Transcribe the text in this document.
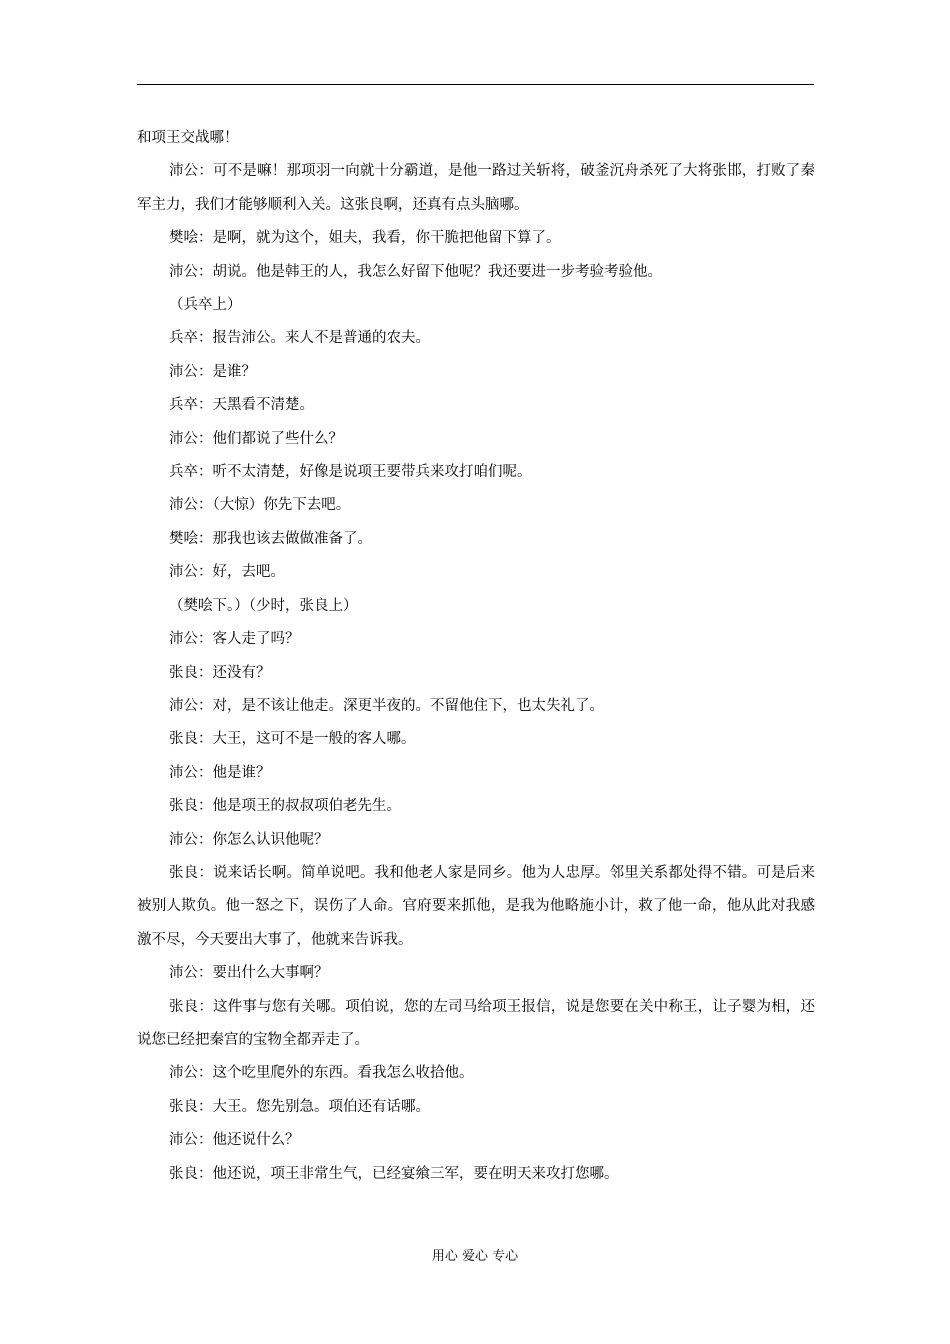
和项王交战哪！

沛公：可不是嘛！那项羽一向就十分霸道，是他一路过关斩将，破釜沉舟杀死了大将张邯，打败了秦军主力，我们才能够顺利入关。这张良啊，还真有点头脑哪。

樊哙：是啊，就为这个，姐夫，我看，你干脆把他留下算了。

沛公：胡说。他是韩王的人，我怎么好留下他呢？我还要进一步考验考验他。

（兵卒上）

兵卒：报告沛公。来人不是普通的农夫。

沛公：是谁？

兵卒：天黑看不清楚。

沛公：他们都说了些什么？

兵卒：听不太清楚，好像是说项王要带兵来攻打咱们呢。

沛公：（大惊）你先下去吧。

樊哙：那我也该去做做准备了。

沛公：好，去吧。

（樊哙下。）（少时，张良上）

沛公：客人走了吗？

张良：还没有？

沛公：对，是不该让他走。深更半夜的。不留他住下，也太失礼了。

张良：大王，这可不是一般的客人哪。

沛公：他是谁？

张良：他是项王的叔叔项伯老先生。

沛公：你怎么认识他呢？

张良：说来话长啊。简单说吧。我和他老人家是同乡。他为人忠厚。邻里关系都处得不错。可是后来被别人欺负。他一怒之下，误伤了人命。官府要来抓他，是我为他略施小计，救了他一命，他从此对我感激不尽，今天要出大事了，他就来告诉我。

沛公：要出什么大事啊？

张良：这件事与您有关哪。项伯说，您的左司马给项王报信，说是您要在关中称王，让子婴为相，还说您已经把秦宫的宝物全都弄走了。

沛公：这个吃里爬外的东西。看我怎么收拾他。

张良：大王。您先别急。项伯还有话哪。

沛公：他还说什么？

张良：他还说，项王非常生气，已经宴飨三军，要在明天来攻打您哪。

用心 爱心 专心
